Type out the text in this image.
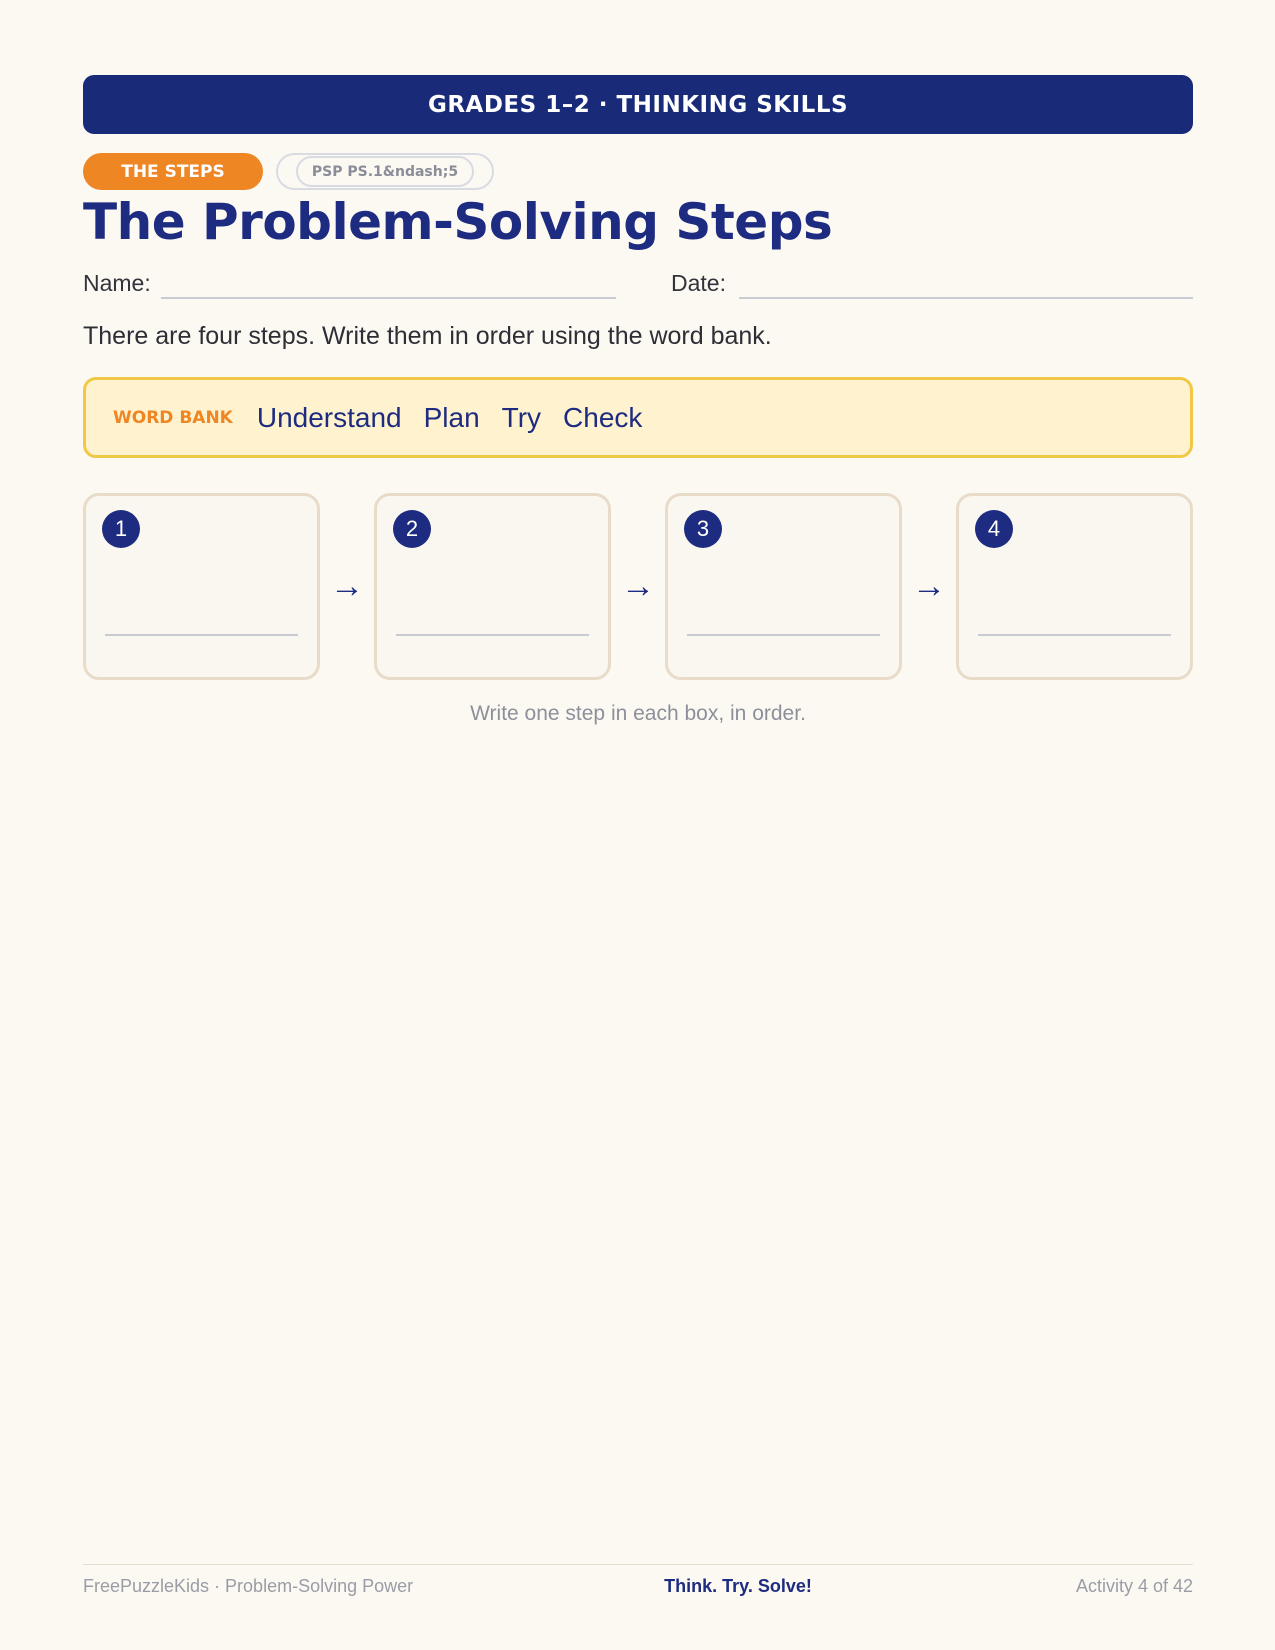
GRADES 1–2 · THINKING SKILLS
THE STEPS	PSP PS.1&ndash;5
The Problem-Solving Steps
Name:	Date:
There are four steps. Write them in order using the word bank.
WORD BANK Understand Plan Try Check
1
→
2
→
3
→
4
Write one step in each box, in order.
FreePuzzleKids · Problem-Solving Power	Think. Try. Solve!	Activity 4 of 42
